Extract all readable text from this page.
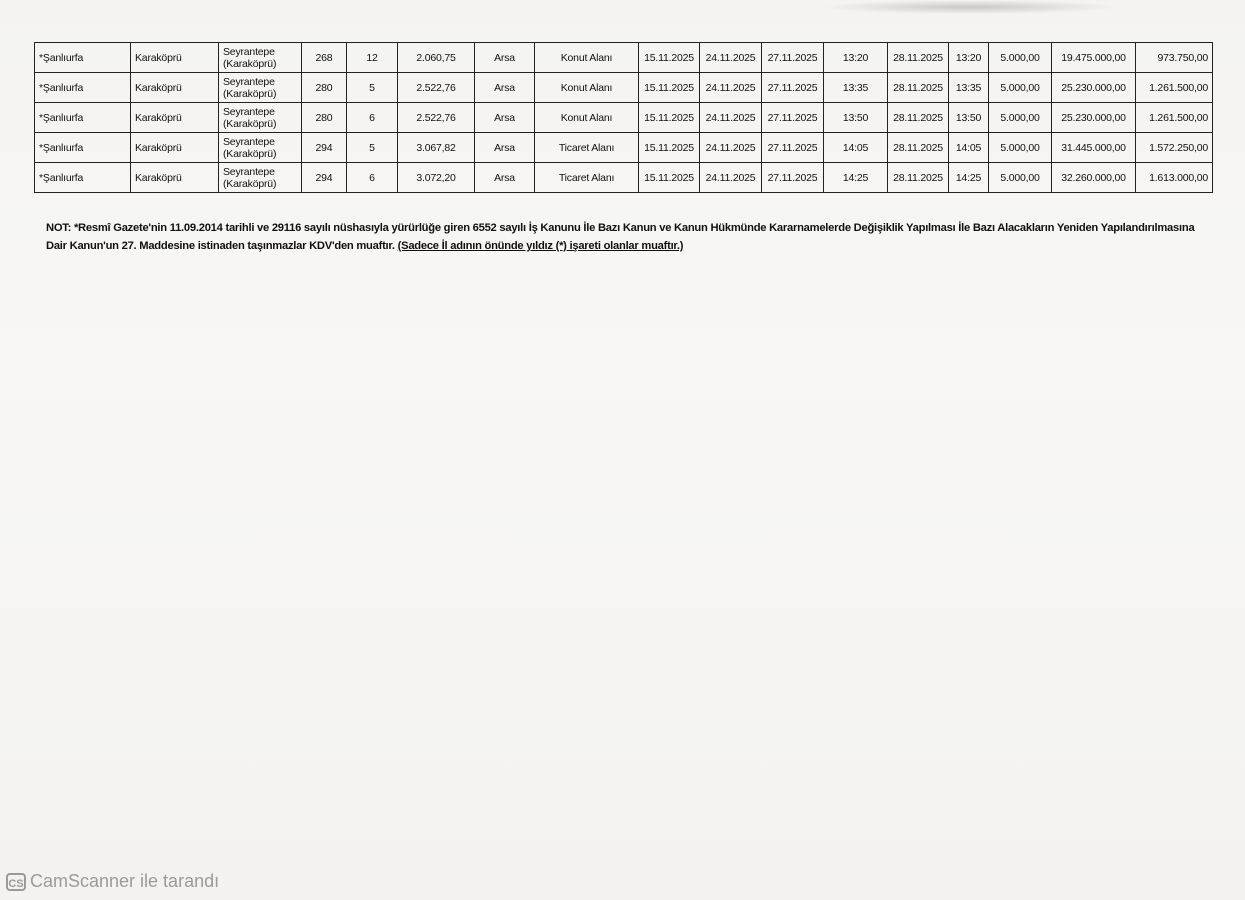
*Şanlıurfa	Karaköprü	Seyrantepe (Karaköprü)	268	12	2.060,75	Arsa	Konut Alanı	15.11.2025	24.11.2025	27.11.2025	13:20	28.11.2025	13:20	5.000,00	19.475.000,00	973.750,00
*Şanlıurfa	Karaköprü	Seyrantepe (Karaköprü)	280	5	2.522,76	Arsa	Konut Alanı	15.11.2025	24.11.2025	27.11.2025	13:35	28.11.2025	13:35	5.000,00	25.230.000,00	1.261.500,00
*Şanlıurfa	Karaköprü	Seyrantepe (Karaköprü)	280	6	2.522,76	Arsa	Konut Alanı	15.11.2025	24.11.2025	27.11.2025	13:50	28.11.2025	13:50	5.000,00	25.230.000,00	1.261.500,00
*Şanlıurfa	Karaköprü	Seyrantepe (Karaköprü)	294	5	3.067,82	Arsa	Ticaret Alanı	15.11.2025	24.11.2025	27.11.2025	14:05	28.11.2025	14:05	5.000,00	31.445.000,00	1.572.250,00
*Şanlıurfa	Karaköprü	Seyrantepe (Karaköprü)	294	6	3.072,20	Arsa	Ticaret Alanı	15.11.2025	24.11.2025	27.11.2025	14:25	28.11.2025	14:25	5.000,00	32.260.000,00	1.613.000,00
NOT: *Resmî Gazete'nin 11.09.2014 tarihli ve 29116 sayılı nüshasıyla yürürlüğe giren 6552 sayılı İş Kanunu İle Bazı Kanun ve Kanun Hükmünde Kararnamelerde Değişiklik Yapılması İle Bazı Alacakların Yeniden Yapılandırılmasına Dair Kanun'un 27. Maddesine istinaden taşınmazlar KDV'den muaftır. (Sadece İl adının önünde yıldız (*) işareti olanlar muaftır.)
CS CamScanner ile tarandı
